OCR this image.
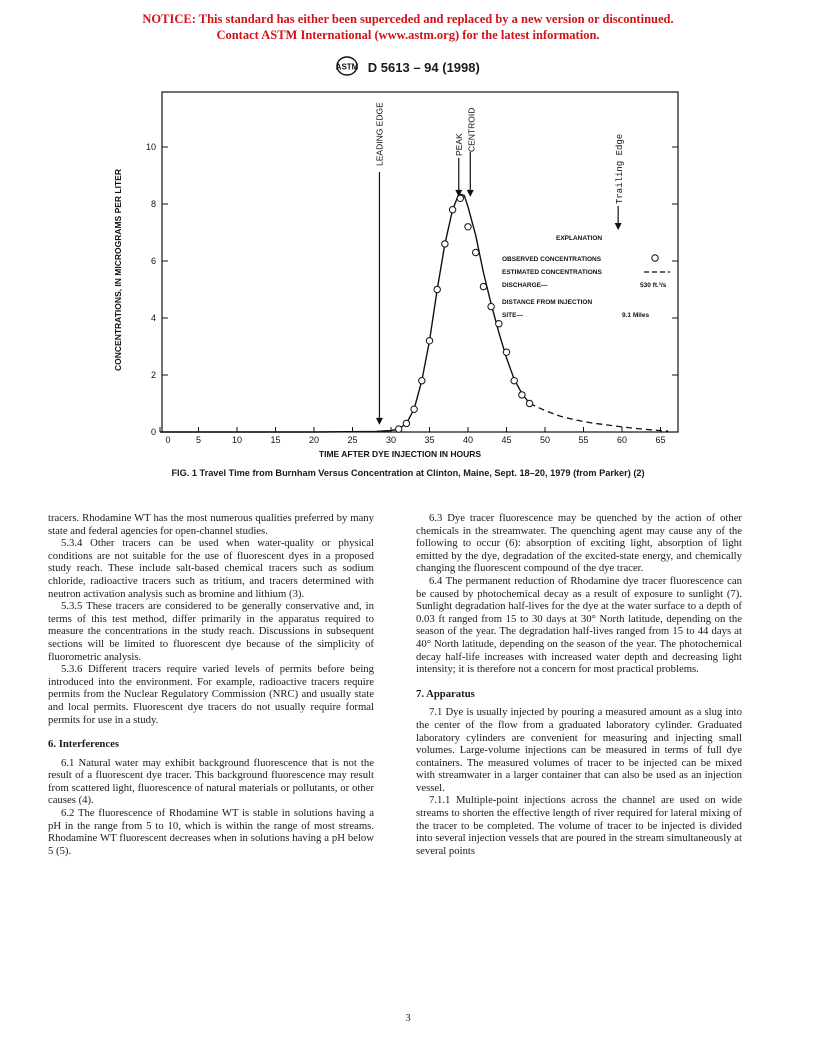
NOTICE: This standard has either been superceded and replaced by a new version or discontinued.
Contact ASTM International (www.astm.org) for the latest information.
ASTM D 5613 – 94 (1998)
0	5	10	15	20	25	30	35	40	45	50	55	60	65
0
2
4
6
8
10
TIME AFTER DYE INJECTION IN HOURS
CONCENTRATIONS, IN MICROGRAMS PER LITER
LEADING EDGE	PEAK CENTROID
Trailing Edge
EXPLANATION
OBSERVED CONCENTRATIONS
ESTIMATED CONCENTRATIONS
DISCHARGE—	530 ft.³/s
DISTANCE FROM INJECTION
SITE—	9.1 Miles
FIG. 1 Travel Time from Burnham Versus Concentration at Clinton, Maine, Sept. 18–20, 1979 (from Parker) (2)

tracers. Rhodamine WT has the most numerous qualities preferred by many state and federal agencies for open-channel studies.

5.3.4 Other tracers can be used when water-quality or physical conditions are not suitable for the use of fluorescent dyes in a proposed study reach. These include salt-based chemical tracers such as sodium chloride, radioactive tracers such as tritium, and tracers determined with neutron activation analysis such as bromine and lithium (3).

5.3.5 These tracers are considered to be generally conservative and, in terms of this test method, differ primarily in the apparatus required to measure the concentrations in the study reach. Discussions in subsequent sections will be limited to fluorescent dye because of the simplicity of fluorometric analysis.

5.3.6 Different tracers require varied levels of permits before being introduced into the environment. For example, radioactive tracers require permits from the Nuclear Regulatory Commission (NRC) and usually state and local permits. Fluorescent dye tracers do not usually require formal permits for use in a study.

6. Interferences

6.1 Natural water may exhibit background fluorescence that is not the result of a fluorescent dye tracer. This background fluorescence may result from scattered light, fluorescence of natural materials or pollutants, or other causes (4).

6.2 The fluorescence of Rhodamine WT is stable in solutions having a pH in the range from 5 to 10, which is within the range of most streams. Rhodamine WT fluorescent decreases when in solutions having a pH below 5 (5).

6.3 Dye tracer fluorescence may be quenched by the action of other chemicals in the streamwater. The quenching agent may cause any of the following to occur (6): absorption of exciting light, absorption of light emitted by the dye, degradation of the excited-state energy, and chemically changing the fluorescent compound of the dye tracer.

6.4 The permanent reduction of Rhodamine dye tracer fluorescence can be caused by photochemical decay as a result of exposure to sunlight (7). Sunlight degradation half-lives for the dye at the water surface to a depth of 0.03 ft ranged from 15 to 30 days at 30° North latitude, depending on the season of the year. The degradation half-lives ranged from 15 to 44 days at 40° North latitude, depending on the season of the year. The photochemical decay half-life increases with increased water depth and decreasing light intensity; it is therefore not a concern for most practical problems.

7. Apparatus

7.1 Dye is usually injected by pouring a measured amount as a slug into the center of the flow from a graduated laboratory cylinder. Graduated laboratory cylinders are convenient for measuring and injecting small volumes. Large-volume injections can be measured in terms of full dye containers. The measured volumes of tracer to be injected can be mixed with streamwater in a larger container that can also be used as an injection vessel.

7.1.1 Multiple-point injections across the channel are used on wide streams to shorten the effective length of river required for lateral mixing of the tracer to be completed. The volume of tracer to be injected is divided into several injection vessels that are poured in the stream simultaneously at several points

3
